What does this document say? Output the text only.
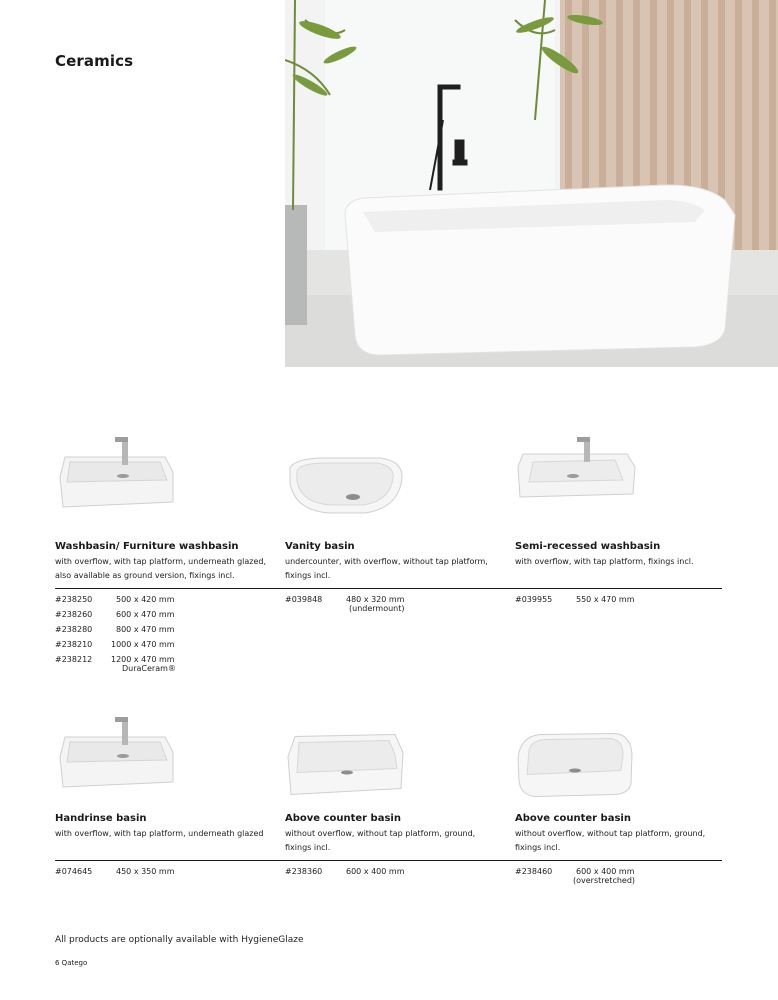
Ceramics
Washbasin/ Furniture washbasin
with overflow, with tap platform, underneath glazed, also available as ground version, fixings incl.
#238250	500 x 420 mm
#238260	600 x 470 mm
#238280	800 x 470 mm
#238210 1000 x 470 mm
#238212 1200 x 470 mm
DuraCeram®
Vanity basin
undercounter, with overflow, without tap platform, fixings incl.
#039848	480 x 320 mm
(undermount)
Semi-recessed washbasin
with overflow, with tap platform, fixings incl.
#039955	550 x 470 mm
Handrinse basin
with overflow, with tap platform, underneath glazed
#074645	450 x 350 mm
Above counter basin
without overflow, without tap platform, ground, fixings incl.
#238360	600 x 400 mm
Above counter basin
without overflow, without tap platform, ground, fixings incl.
#238460	600 x 400 mm
(overstretched)
All products are optionally available with HygieneGlaze
6 Qatego
